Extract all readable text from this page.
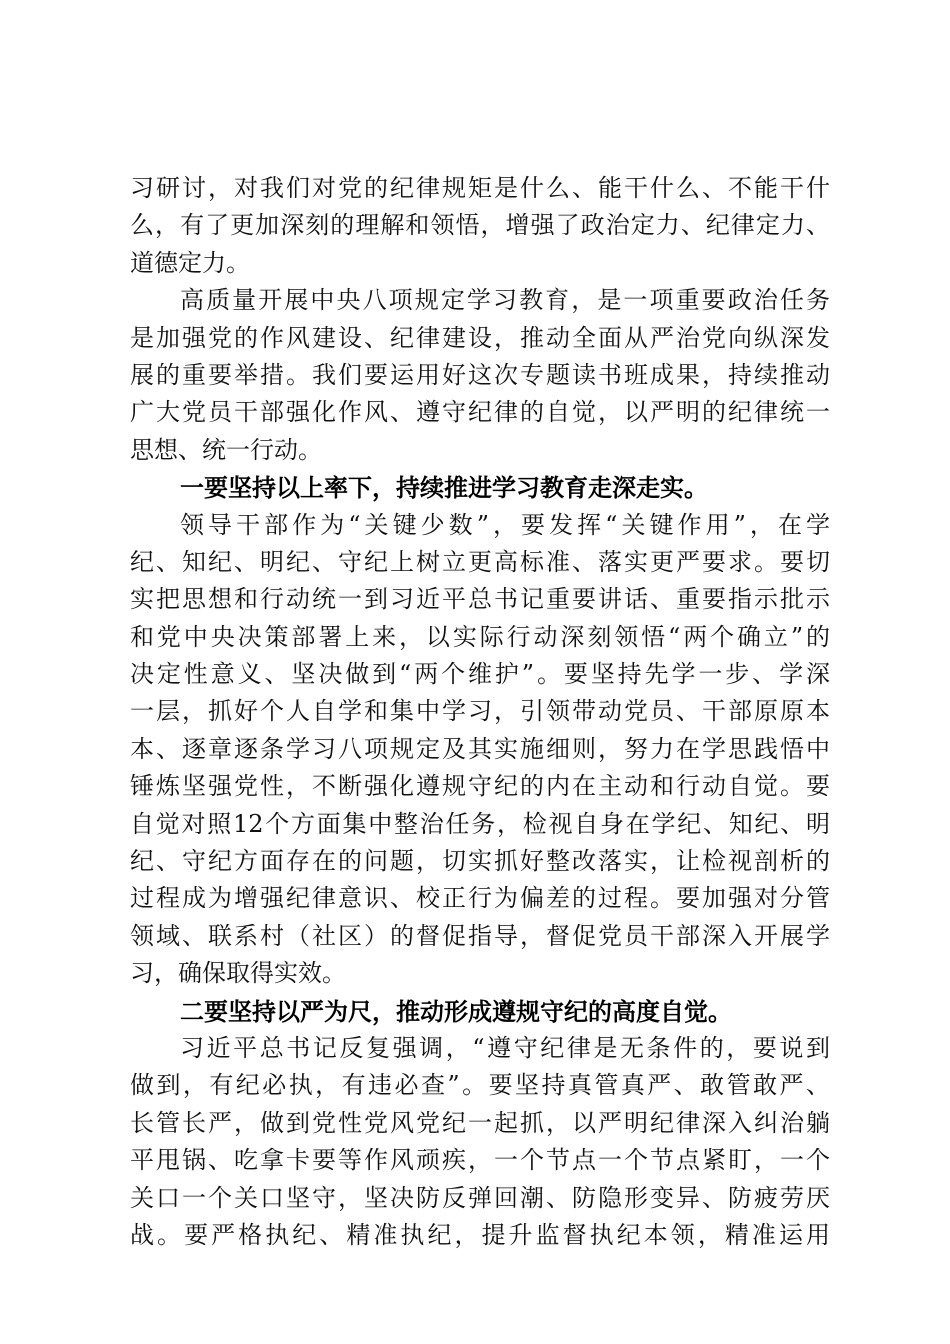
习研讨，对我们对党的纪律规矩是什么、能干什么、不能干什
么，有了更加深刻的理解和领悟，增强了政治定力、纪律定力、
道德定力。
高质量开展中央八项规定学习教育，是一项重要政治任务
是加强党的作风建设、纪律建设，推动全面从严治党向纵深发
展的重要举措。我们要运用好这次专题读书班成果，持续推动
广大党员干部强化作风、遵守纪律的自觉，以严明的纪律统一
思想、统一行动。
一要坚持以上率下，持续推进学习教育走深走实。
领导干部作为“关键少数”，要发挥“关键作用”，在学
纪、知纪、明纪、守纪上树立更高标准、落实更严要求。要切
实把思想和行动统一到习近平总书记重要讲话、重要指示批示
和党中央决策部署上来，以实际行动深刻领悟“两个确立”的
决定性意义、坚决做到“两个维护”。要坚持先学一步、学深
一层，抓好个人自学和集中学习，引领带动党员、干部原原本
本、逐章逐条学习八项规定及其实施细则，努力在学思践悟中
锤炼坚强党性，不断强化遵规守纪的内在主动和行动自觉。要
自觉对照12个方面集中整治任务，检视自身在学纪、知纪、明
纪、守纪方面存在的问题，切实抓好整改落实，让检视剖析的
过程成为增强纪律意识、校正行为偏差的过程。要加强对分管
领域、联系村（社区）的督促指导，督促党员干部深入开展学
习，确保取得实效。
二要坚持以严为尺，推动形成遵规守纪的高度自觉。
习近平总书记反复强调，“遵守纪律是无条件的，要说到
做到，有纪必执，有违必查”。要坚持真管真严、敢管敢严、
长管长严，做到党性党风党纪一起抓，以严明纪律深入纠治躺
平甩锅、吃拿卡要等作风顽疾，一个节点一个节点紧盯，一个
关口一个关口坚守，坚决防反弹回潮、防隐形变异、防疲劳厌
战。要严格执纪、精准执纪，提升监督执纪本领，精准运用
